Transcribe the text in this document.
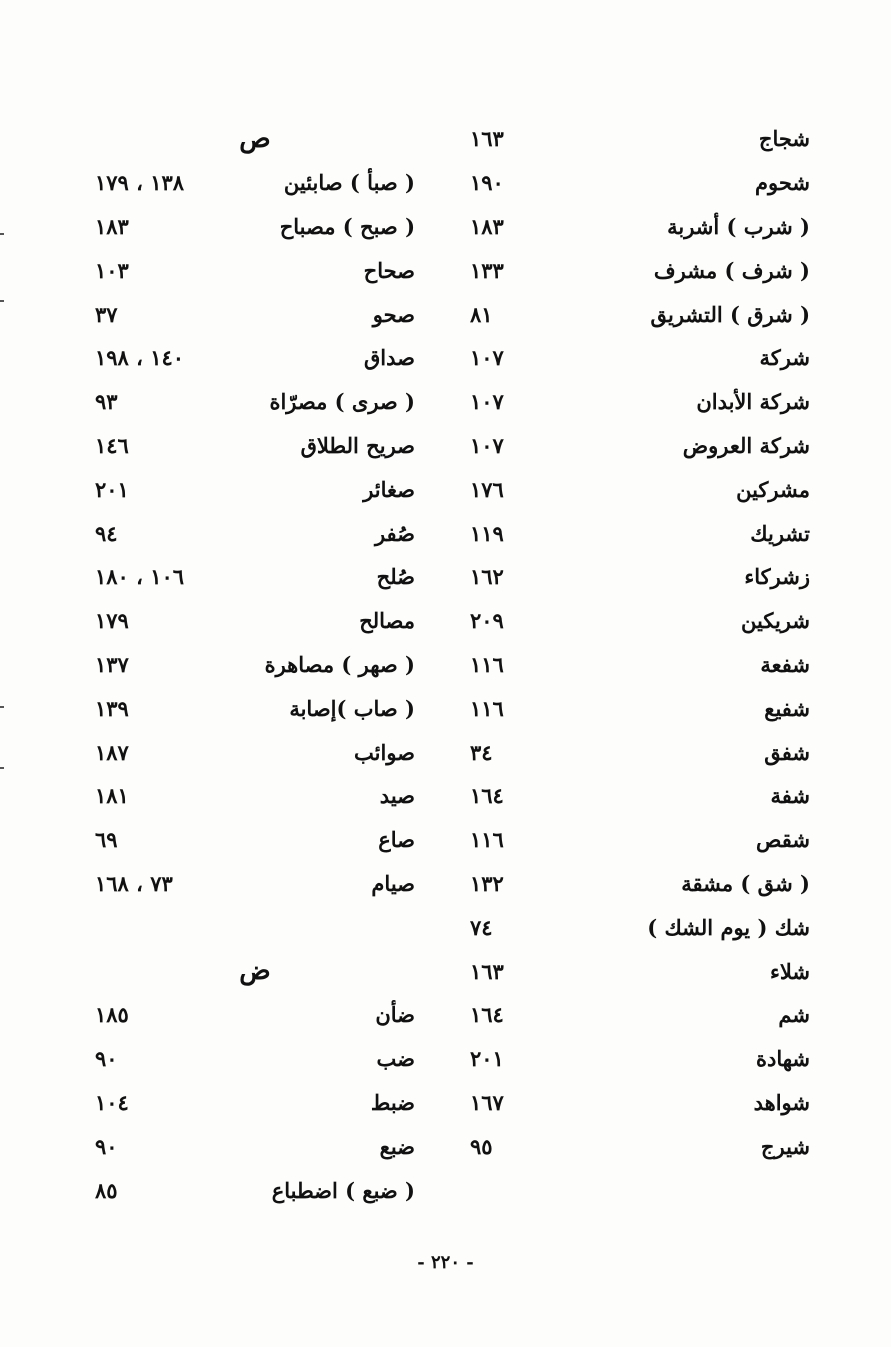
شجاج
١٦٣
شحوم
١٩٠
( شرب ) أشربة
١٨٣
( شرف ) مشرف
١٣٣
( شرق ) التشريق
٨١
شركة
١٠٧
شركة الأبدان
١٠٧
شركة العروض
١٠٧
مشركين
١٧٦
تشريك
١١٩
زشركاء
١٦٢
شريكين
٢٠٩
شفعة
١١٦
شفيع
١١٦
شفق
٣٤
شفة
١٦٤
شقص
١١٦
( شق ) مشقة
١٣٢
شك ( يوم الشك )
٧٤
شلاء
١٦٣
شم
١٦٤
شهادة
٢٠١
شواهد
١٦٧
شيرج
٩٥
ص
( صبأ ) صابئين
١٣٨ ، ١٧٩
( صبح ) مصباح
١٨٣
صحاح
١٠٣
صحو
٣٧
صداق
١٤٠ ، ١٩٨
( صرى ) مصرّاة
٩٣
صريح الطلاق
١٤٦
صغائر
٢٠١
صُفر
٩٤
صُلح
١٠٦ ، ١٨٠
مصالح
١٧٩
( صهر ) مصاهرة
١٣٧
( صاب )إصابة
١٣٩
صوائب
١٨٧
صيد
١٨١
صاع
٦٩
صيام
٧٣ ، ١٦٨
ض
ضأن
١٨٥
ضب
٩٠
ضبط
١٠٤
ضبع
٩٠
( ضبع ) اضطباع
٨٥
- ٢٢٠ -
